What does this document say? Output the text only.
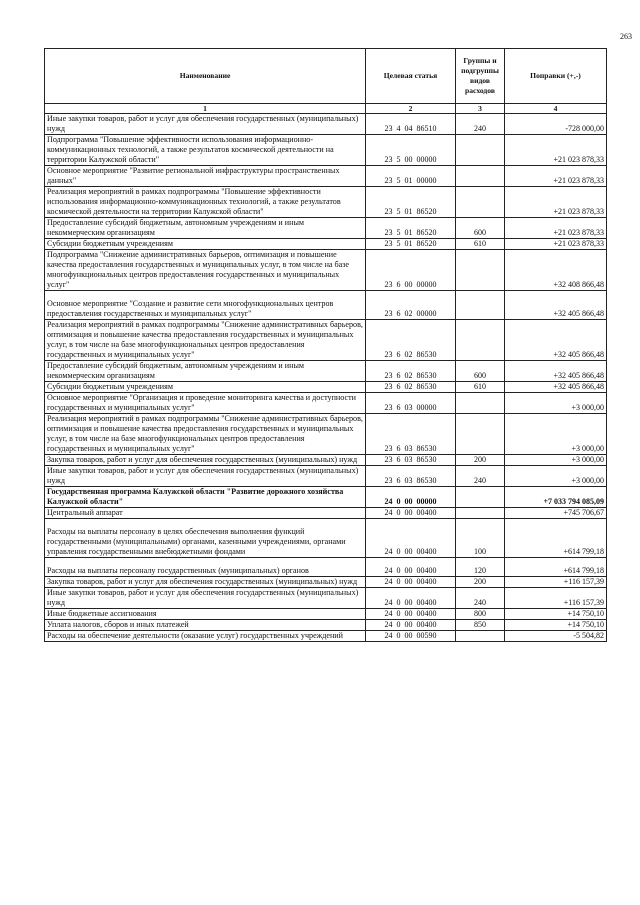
263
Наименование	Целевая статья	Группы и подгруппы видов расходов	Поправки (+,-)
1	2	3	4
Иные закупки товаров, работ и услуг для обеспечения государственных (муниципальных) нужд	23  4  04  86510	240	-728 000,00
Подпрограмма "Повышение эффективности использования информационно-коммуникационных технологий, а также результатов космической деятельности на территории Калужской области"	23  5  00  00000		+21 023 878,33
Основное мероприятие "Развитие региональной инфраструктуры пространственных данных"	23  5  01  00000		+21 023 878,33
Реализация мероприятий в рамках подпрограммы "Повышение эффективности использования информационно-коммуникационных технологий, а также результатов космической деятельности на территории Калужской области"	23  5  01  86520		+21 023 878,33
Предоставление субсидий бюджетным, автономным учреждениям и иным некоммерческим организациям	23  5  01  86520	600	+21 023 878,33
Субсидии бюджетным учреждениям	23  5  01  86520	610	+21 023 878,33
Подпрограмма "Снижение административных барьеров, оптимизация и повышение качества предоставления государственных и муниципальных услуг, в том числе на базе многофункциональных центров предоставления государственных и муниципальных услуг"	23  6  00  00000		+32 408 866,48
Основное мероприятие "Создание и развитие сети многофункциональных центров предоставления государственных и муниципальных услуг"	23  6  02  00000		+32 405 866,48
Реализация мероприятий в рамках подпрограммы "Снижение административных барьеров, оптимизация и повышение качества предоставления государственных и муниципальных услуг, в том числе на базе многофункциональных центров предоставления государственных и муниципальных услуг"	23  6  02  86530		+32 405 866,48
Предоставление субсидий бюджетным, автономным учреждениям и иным некоммерческим организациям	23  6  02  86530	600	+32 405 866,48
Субсидии бюджетным учреждениям	23  6  02  86530	610	+32 405 866,48
Основное мероприятие "Организация и проведение мониторинга качества и доступности государственных и муниципальных услуг"	23  6  03  00000		+3 000,00
Реализация мероприятий в рамках подпрограммы "Снижение административных барьеров, оптимизация и повышение качества предоставления государственных и муниципальных услуг, в том числе на базе многофункциональных центров предоставления государственных и муниципальных услуг"	23  6  03  86530		+3 000,00
Закупка товаров, работ и услуг для обеспечения государственных (муниципальных) нужд	23  6  03  86530	200	+3 000,00
Иные закупки товаров, работ и услуг для обеспечения государственных (муниципальных) нужд	23  6  03  86530	240	+3 000,00
Государственная программа Калужской области "Развитие дорожного хозяйства Калужской области"	24  0  00  00000		+7 033 794 085,09
Центральный аппарат	24  0  00  00400		+745 706,67
Расходы на выплаты персоналу в целях обеспечения выполнения функций государственными (муниципальными) органами, казенными учреждениями, органами управления государственными внебюджетными фондами	24  0  00  00400	100	+614 799,18
Расходы на выплаты персоналу государственных (муниципальных) органов	24  0  00  00400	120	+614 799,18
Закупка товаров, работ и услуг для обеспечения государственных (муниципальных) нужд	24  0  00  00400	200	+116 157,39
Иные закупки товаров, работ и услуг для обеспечения государственных (муниципальных) нужд	24  0  00  00400	240	+116 157,39
Иные бюджетные ассигнования	24  0  00  00400	800	+14 750,10
Уплата налогов, сборов и иных платежей	24  0  00  00400	850	+14 750,10
Расходы на обеспечение деятельности (оказание услуг) государственных учреждений	24  0  00  00590		-5 504,82
